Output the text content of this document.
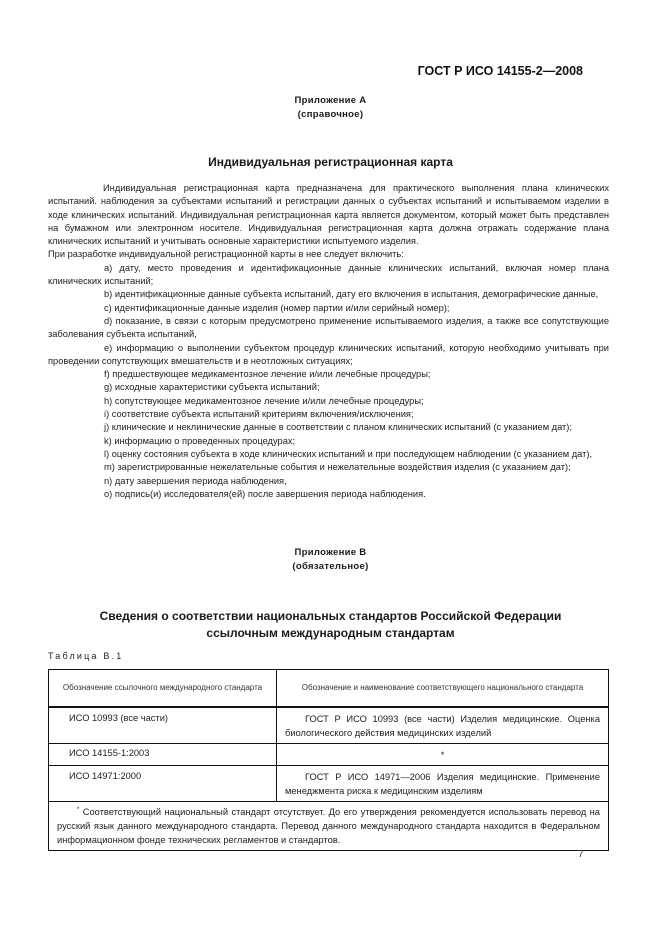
ГОСТ Р ИСО 14155-2—2008
Приложение А
(справочное)
Индивидуальная регистрационная карта

Индивидуальная регистрационная карта предназначена для практического выполнения плана клинических испытаний. наблюдения за субъектами испытаний и регистрации данных о субъектах испытаний и испытываемом изделии в ходе клинических испытаний. Индивидуальная регистрационная карта является документом, который может быть представлен на бумажном или электронном носителе. Индивидуальная регистрационная карта должна отражать содержание плана клинических испытаний и учитывать основные характеристики испытуемого изделия.

При разработке индивидуальной регистрационной карты в нее следует включить:

a) дату, место проведения и идентификационные данные клинических испытаний, включая номер плана клинических испытаний;

b) идентификационные данные субъекта испытаний, дату его включения в испытания, демографические данные,

c) идентификационные данные изделия (номер партии и/или серийный номер);

d) показание, в связи с которым предусмотрено применение испытываемого изделия, а также все сопутствующие заболевания субъекта испытаний,

e) информацию о выполнении субъектом процедур клинических испытаний, которую необходимо учитывать при проведении сопутствующих вмешательств и в неотложных ситуациях;

f) предшествующее медикаментозное лечение и/или лечебные процедуры;

g) исходные характеристики субъекта испытаний;

h) сопутствующее медикаментозное лечение и/или лечебные процедуры;

i) соответствие субъекта испытаний критериям включения/исключения;

j) клинические и неклинические данные в соответствии с планом клинических испытаний (с указанием дат);

k) информацию о проведенных процедурах;

l) оценку состояния субъекта в ходе клинических испытаний и при последующем наблюдении (с указанием дат),

m) зарегистрированные нежелательные события и нежелательные воздействия изделия (с указанием дат);

n) дату завершения периода наблюдения,

o) подпись(и) исследователя(ей) после завершения периода наблюдения.

Приложение В
(обязательное)
Сведения о соответствии национальных стандартов Российской Федерации
ссылочным международным стандартам
Таблица В.1
Обозначение ссылочного международного стандарта	Обозначение и наименование соответствующего национального стандарта
ИСО 10993 (все части)	ГОСТ Р ИСО 10993 (все части) Изделия медицинские. Оценка биологического действия медицинских изделий

ИСО 14155-1:2003	*
ИСО 14971:2000	ГОСТ Р ИСО 14971—2006 Изделия медицинские. Применение менеджмента риска к медицинским изделиям

* Соответствующий национальный стандарт отсутствует. До его утверждения рекомендуется использовать перевод на русский язык данного международного стандарта. Перевод данного международного стандарта находится в Федеральном информационном фонде технических регламентов и стандартов.	
7
